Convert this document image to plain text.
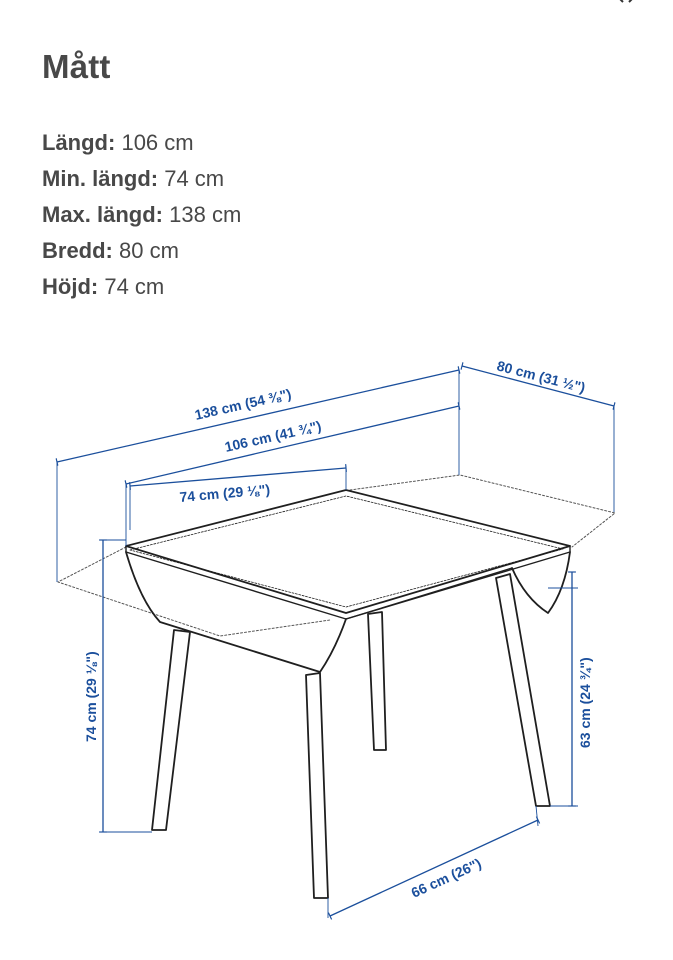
Mått
Längd: 106 cm
Min. längd: 74 cm
Max. längd: 138 cm
Bredd: 80 cm
Höjd: 74 cm
138 cm (54 ⅜")
106 cm (41 ¾")
74 cm (29 ⅛")
80 cm (31 ½")
74 cm (29 ⅛")	63 cm (24 ¾")
66 cm (26")
